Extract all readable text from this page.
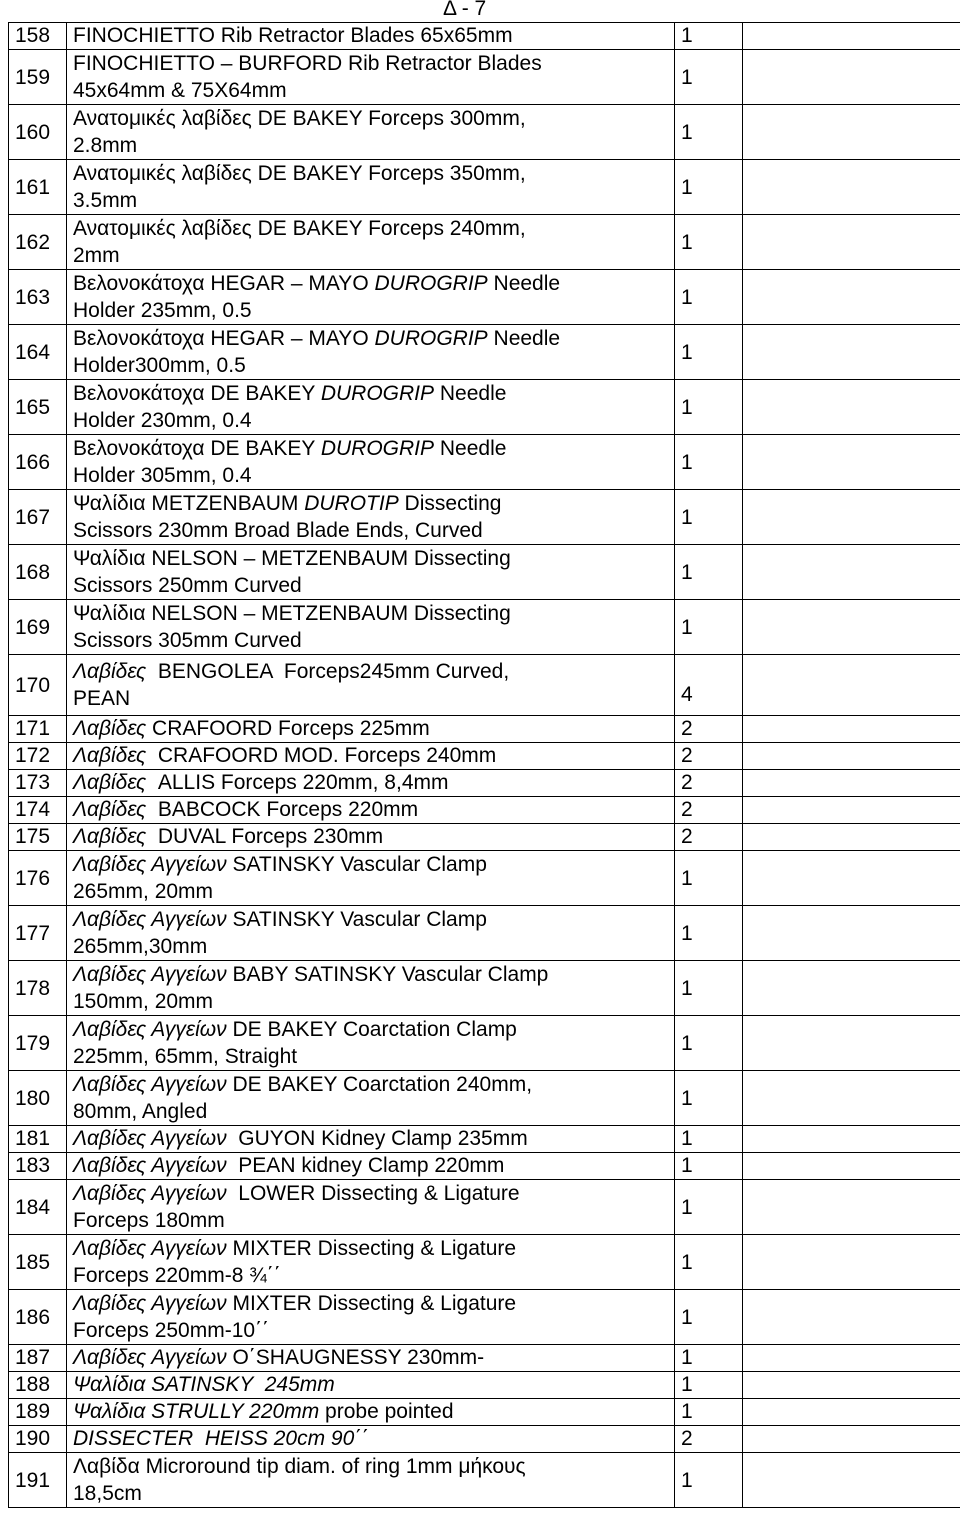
Δ - 7
158	FINOCHIETTO Rib Retractor Blades 65x65mm	1	
159	FINOCHIETTO – BURFORD Rib Retractor Blades
45x64mm & 75X64mm	1	
160	Ανατομικές λαβίδες DE BAKEY Forceps 300mm,
2.8mm	1	
161	Ανατομικές λαβίδες DE BAKEY Forceps 350mm,
3.5mm	1	
162	Ανατομικές λαβίδες DE BAKEY Forceps 240mm,
2mm	1	
163	Βελονοκάτοχα HEGAR – MAYO DUROGRIP Needle
Holder 235mm, 0.5	1	
164	Βελονοκάτοχα HEGAR – MAYO DUROGRIP Needle
Holder300mm, 0.5	1	
165	Βελονοκάτοχα DE BAKEY DUROGRIP Needle
Holder 230mm, 0.4	1	
166	Βελονοκάτοχα DE BAKEY DUROGRIP Needle
Holder 305mm, 0.4	1	
167	Ψαλίδια METZENBAUM DUROTIP Dissecting
Scissors 230mm Broad Blade Ends, Curved	1	
168	Ψαλίδια NELSON – METZENBAUM Dissecting
Scissors 250mm Curved	1	
169	Ψαλίδια NELSON – METZENBAUM Dissecting
Scissors 305mm Curved	1	
170	Λαβίδες  BENGOLEA  Forceps245mm Curved,
PEAN	4	
171	Λαβίδες CRAFOORD Forceps 225mm	2	
172	Λαβίδες  CRAFOORD MOD. Forceps 240mm	2	
173	Λαβίδες  ALLIS Forceps 220mm, 8,4mm	2	
174	Λαβίδες  BABCOCK Forceps 220mm	2	
175	Λαβίδες  DUVAL Forceps 230mm	2	
176	Λαβίδες Αγγείων SATINSKY Vascular Clamp
265mm, 20mm	1	
177	Λαβίδες Αγγείων SATINSKY Vascular Clamp
265mm,30mm	1	
178	Λαβίδες Αγγείων BABY SATINSKY Vascular Clamp
150mm, 20mm	1	
179	Λαβίδες Αγγείων DE BAKEY Coarctation Clamp
225mm, 65mm, Straight	1	
180	Λαβίδες Αγγείων DE BAKEY Coarctation 240mm,
80mm, Angled	1	
181	Λαβίδες Αγγείων  GUYON Kidney Clamp 235mm	1	
183	Λαβίδες Αγγείων  PEAN kidney Clamp 220mm	1	
184	Λαβίδες Αγγείων  LOWER Dissecting & Ligature
Forceps 180mm	1	
185	Λαβίδες Αγγείων MIXTER Dissecting & Ligature
Forceps 220mm-8 ¾΄΄	1	
186	Λαβίδες Αγγείων MIXTER Dissecting & Ligature
Forceps 250mm-10΄΄	1	
187	Λαβίδες Αγγείων O΄SHAUGNESSY 230mm-	1	
188	Ψαλίδια SATINSKY  245mm	1	
189	Ψαλίδια STRULLY 220mm probe pointed	1	
190	DISSECTER  HEISS 20cm 90΄΄	2	
191	Λαβίδα Microround tip diam. of ring 1mm μήκους
18,5cm	1	
